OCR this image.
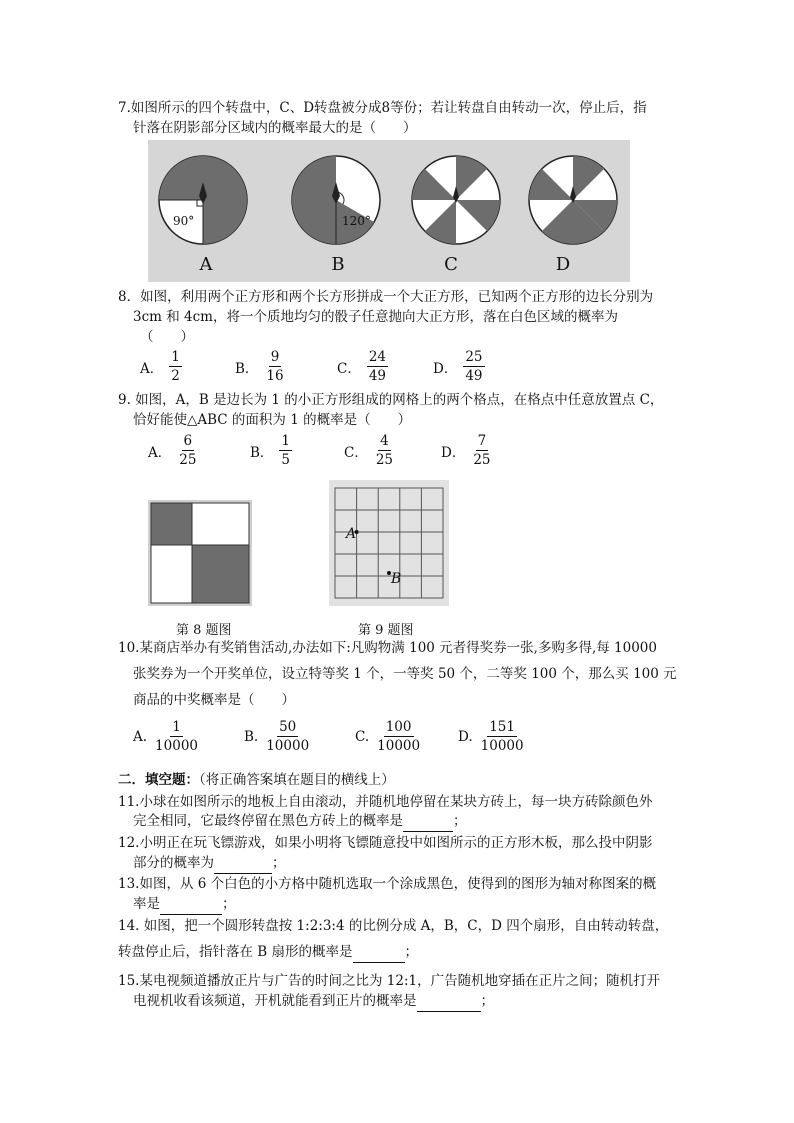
7.如图所示的四个转盘中，C、D转盘被分成8等份；若让转盘自由转动一次，停止后，指
针落在阴影部分区域内的概率最大的是（　　）
90°	120°
A	B	C	D
8．如图，利用两个正方形和两个长方形拼成一个大正方形，已知两个正方形的边长分别为
3cm 和 4cm，将一个质地均匀的骰子任意抛向大正方形，落在白色区域的概率为
（　　）
A． $\frac{1}{2}$	B． $\frac{9}{16}$	C． $\frac{24}{49}$	D． $\frac{25}{49}$
9. 如图，A，B 是边长为 1 的小正方形组成的网格上的两个格点，在格点中任意放置点 C，
恰好能使△ABC 的面积为 1 的概率是（　　）
A． $\frac{6}{25}$	B． $\frac{1}{5}$	C． $\frac{4}{25}$	D． $\frac{7}{25}$
第 8 题图
A
B
第 9 题图
10.某商店举办有奖销售活动,办法如下:凡购物满 100 元者得奖券一张,多购多得,每 10000
张奖券为一个开奖单位，设立特等奖 1 个，一等奖 50 个，二等奖 100 个，那么买 100 元
商品的中奖概率是（　　）
A. $\frac{1}{10000}$	B. $\frac{50}{10000}$	C. $\frac{100}{10000}$	D. $\frac{151}{10000}$
二．填空题：（将正确答案填在题目的横线上）
11.小球在如图所示的地板上自由滚动，并随机地停留在某块方砖上，每一块方砖除颜色外
完全相同，它最终停留在黑色方砖上的概率是	；
12.小明正在玩飞镖游戏，如果小明将飞镖随意投中如图所示的正方形木板，那么投中阴影
部分的概率为	；
13.如图，从 6 个白色的小方格中随机选取一个涂成黑色，使得到的图形为轴对称图案的概
率是	；
14. 如图，把一个圆形转盘按 1:2:3:4 的比例分成 A，B，C，D 四个扇形，自由转动转盘，
转盘停止后，指针落在 B 扇形的概率是	；
15.某电视频道播放正片与广告的时间之比为 12:1，广告随机地穿插在正片之间；随机打开
电视机收看该频道，开机就能看到正片的概率是	；
